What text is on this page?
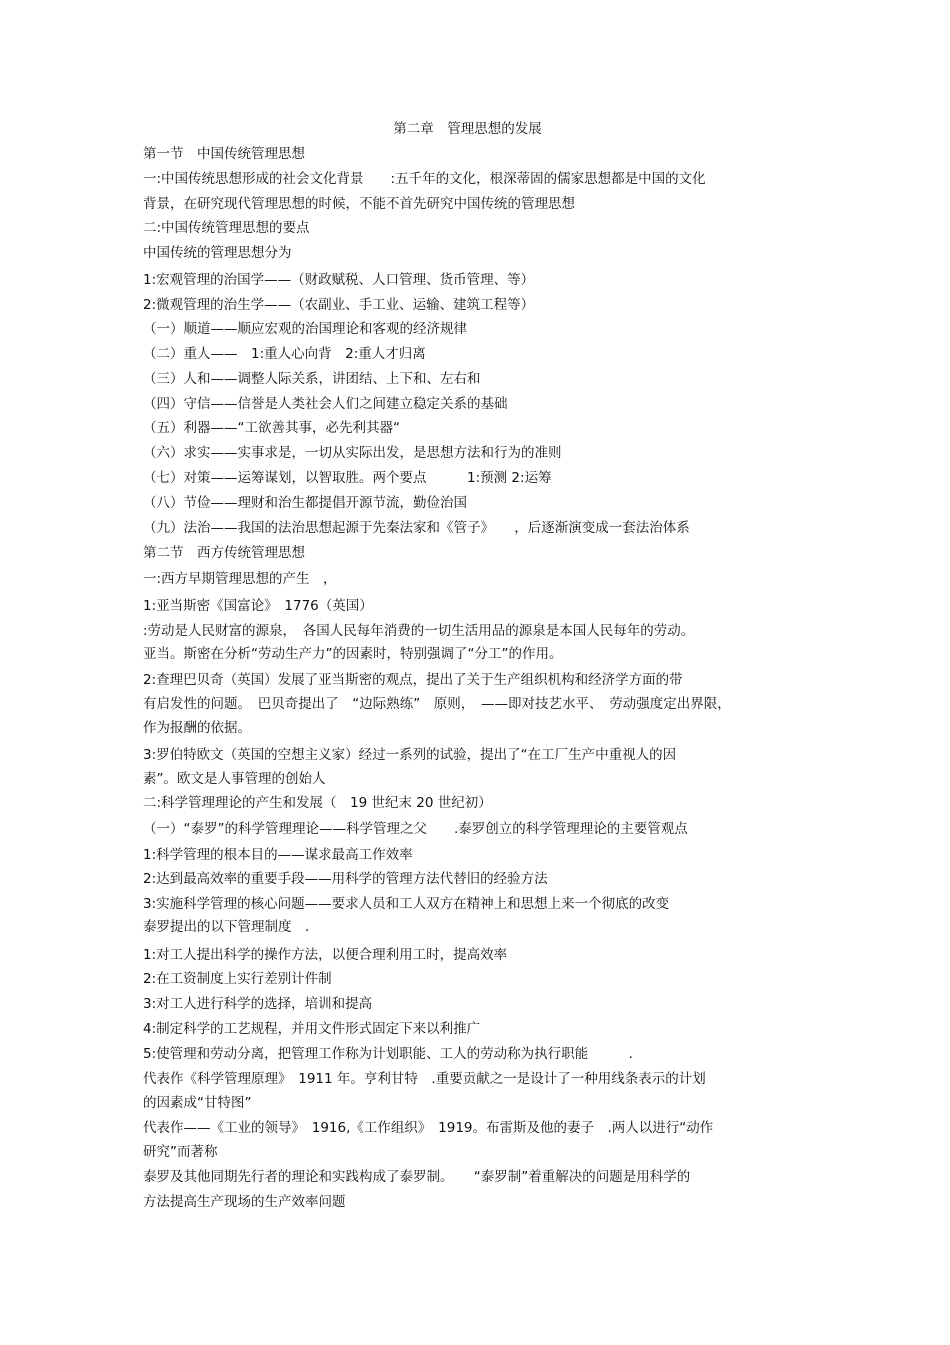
第二章　管理思想的发展
第一节　中国传统管理思想
一:中国传统思想形成的社会文化背景　　:五千年的文化，根深蒂固的儒家思想都是中国的文化
背景，在研究现代管理思想的时候，不能不首先研究中国传统的管理思想
二:中国传统管理思想的要点
中国传统的管理思想分为
1:宏观管理的治国学——（财政赋税、人口管理、货币管理、等）
2:微观管理的治生学——（农副业、手工业、运输、建筑工程等）
（一）顺道——顺应宏观的治国理论和客观的经济规律
（二）重人——　1:重人心向背　2:重人才归离
（三）人和——调整人际关系，讲团结、上下和、左右和
（四）守信——信誉是人类社会人们之间建立稳定关系的基础
（五）利器——“工欲善其事，必先利其器“
（六）求实——实事求是，一切从实际出发，是思想方法和行为的准则
（七）对策——运筹谋划，以智取胜。两个要点　　　1:预测 2:运筹
（八）节俭——理财和治生都提倡开源节流，勤俭治国
（九）法治——我国的法治思想起源于先秦法家和《管子》　　，后逐渐演变成一套法治体系
第二节　西方传统管理思想
一:西方早期管理思想的产生　，
1:亚当斯密《国富论》　1776（英国）
:劳动是人民财富的源泉，　各国人民每年消费的一切生活用品的源泉是本国人民每年的劳动。
亚当。斯密在分析“劳动生产力”的因素时，特别强调了“分工”的作用。
2:查理巴贝奇（英国）发展了亚当斯密的观点，提出了关于生产组织机构和经济学方面的带
有启发性的问题。　巴贝奇提出了　“边际熟练”　原则，　——即对技艺水平、　劳动强度定出界限，
作为报酬的依据。
3:罗伯特欧文（英国的空想主义家）经过一系列的试验，提出了“在工厂生产中重视人的因
素”。欧文是人事管理的创始人
二:科学管理理论的产生和发展（　19 世纪末 20 世纪初）
（一）“泰罗”的科学管理理论——科学管理之父　　.泰罗创立的科学管理理论的主要管观点
1:科学管理的根本目的——谋求最高工作效率
2:达到最高效率的重要手段——用科学的管理方法代替旧的经验方法
3:实施科学管理的核心问题——要求人员和工人双方在精神上和思想上来一个彻底的改变
泰罗提出的以下管理制度　.
1:对工人提出科学的操作方法，以便合理利用工时，提高效率
2:在工资制度上实行差别计件制
3:对工人进行科学的选择，培训和提高
4:制定科学的工艺规程，并用文件形式固定下来以利推广
5:使管理和劳动分离，把管理工作称为计划职能、工人的劳动称为执行职能　　　.
代表作《科学管理原理》　1911 年。亨利甘特　.重要贡献之一是设计了一种用线条表示的计划
的因素成“甘特图”
代表作——《工业的领导》　1916,《工作组织》　1919。布雷斯及他的妻子　.两人以进行“动作
研究”而著称
泰罗及其他同期先行者的理论和实践构成了泰罗制。　　“泰罗制”着重解决的问题是用科学的
方法提高生产现场的生产效率问题
